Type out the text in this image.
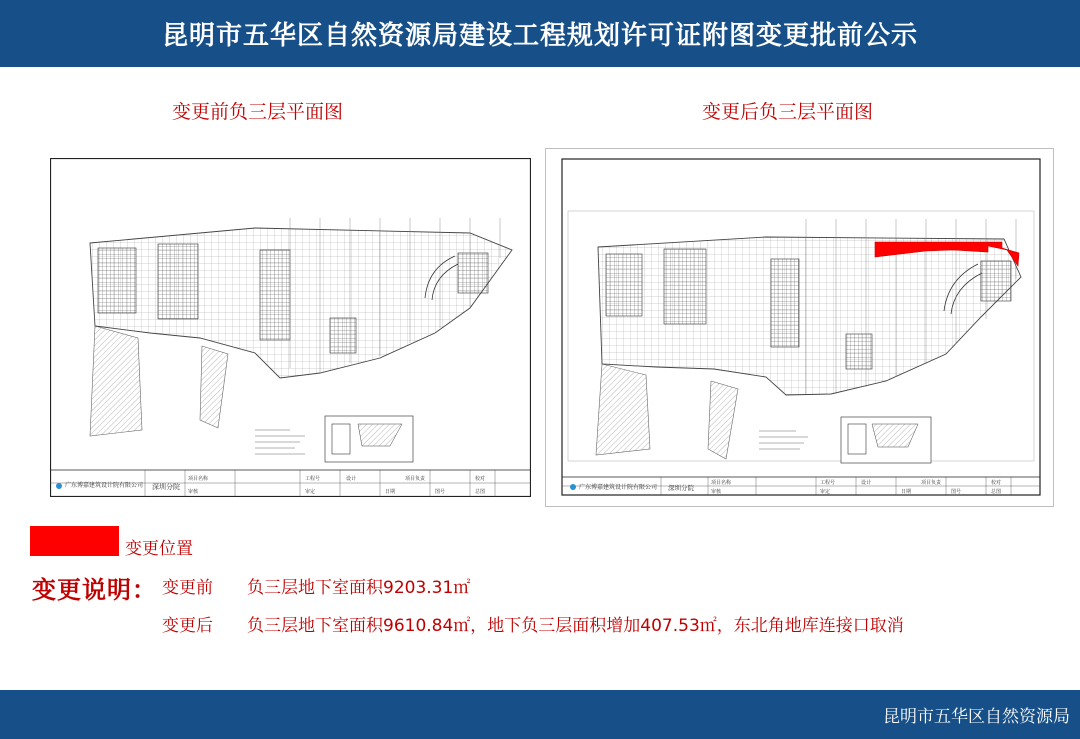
昆明市五华区自然资源局建设工程规划许可证附图变更批前公示
变更前负三层平面图	变更后负三层平面图
广东博嘉建筑设计院有限公司 深圳分院
项目名称
审核
工程号
审定
设计
日期
项目负责
图号
校对
总图
广东博嘉建筑设计院有限公司 深圳分院
项目名称
审核
工程号
审定
设计
日期
项目负责
图号
校对
总图
变更位置
变更说明： 变更前 负三层地下室面积9203.31㎡
变更后 负三层地下室面积9610.84㎡，地下负三层面积增加407.53㎡，东北角地库连接口取消
昆明市五华区自然资源局
